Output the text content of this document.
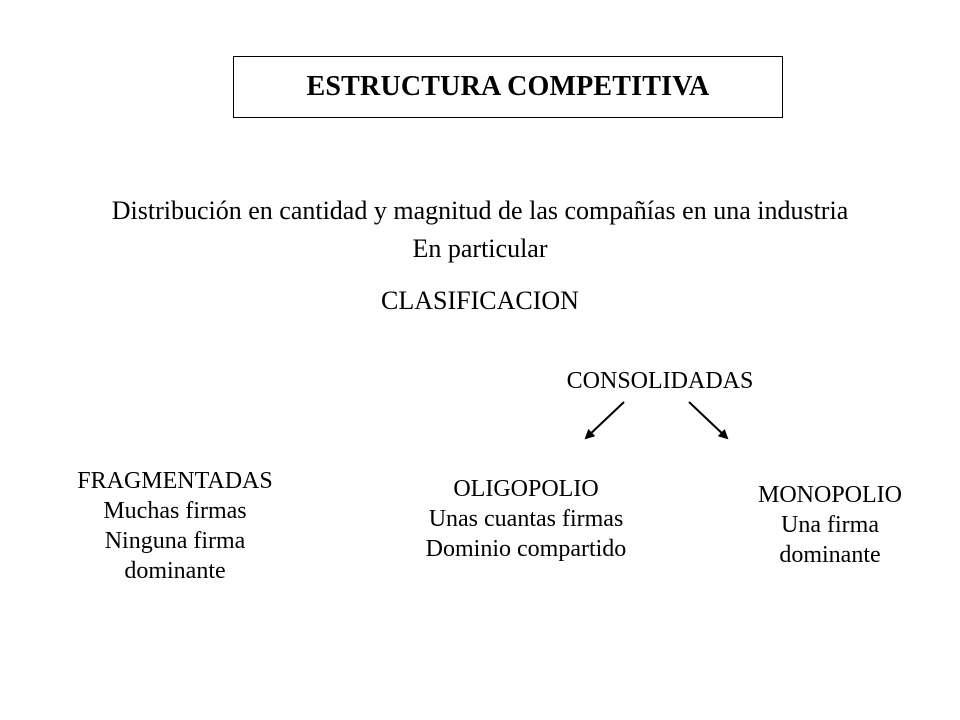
ESTRUCTURA COMPETITIVA
Distribución en cantidad y magnitud de las compañías en una industria
En particular
CLASIFICACION
CONSOLIDADAS
FRAGMENTADAS
Muchas firmas
Ninguna firma
dominante
OLIGOPOLIO
Unas cuantas firmas
Dominio compartido
MONOPOLIO
Una firma
dominante
